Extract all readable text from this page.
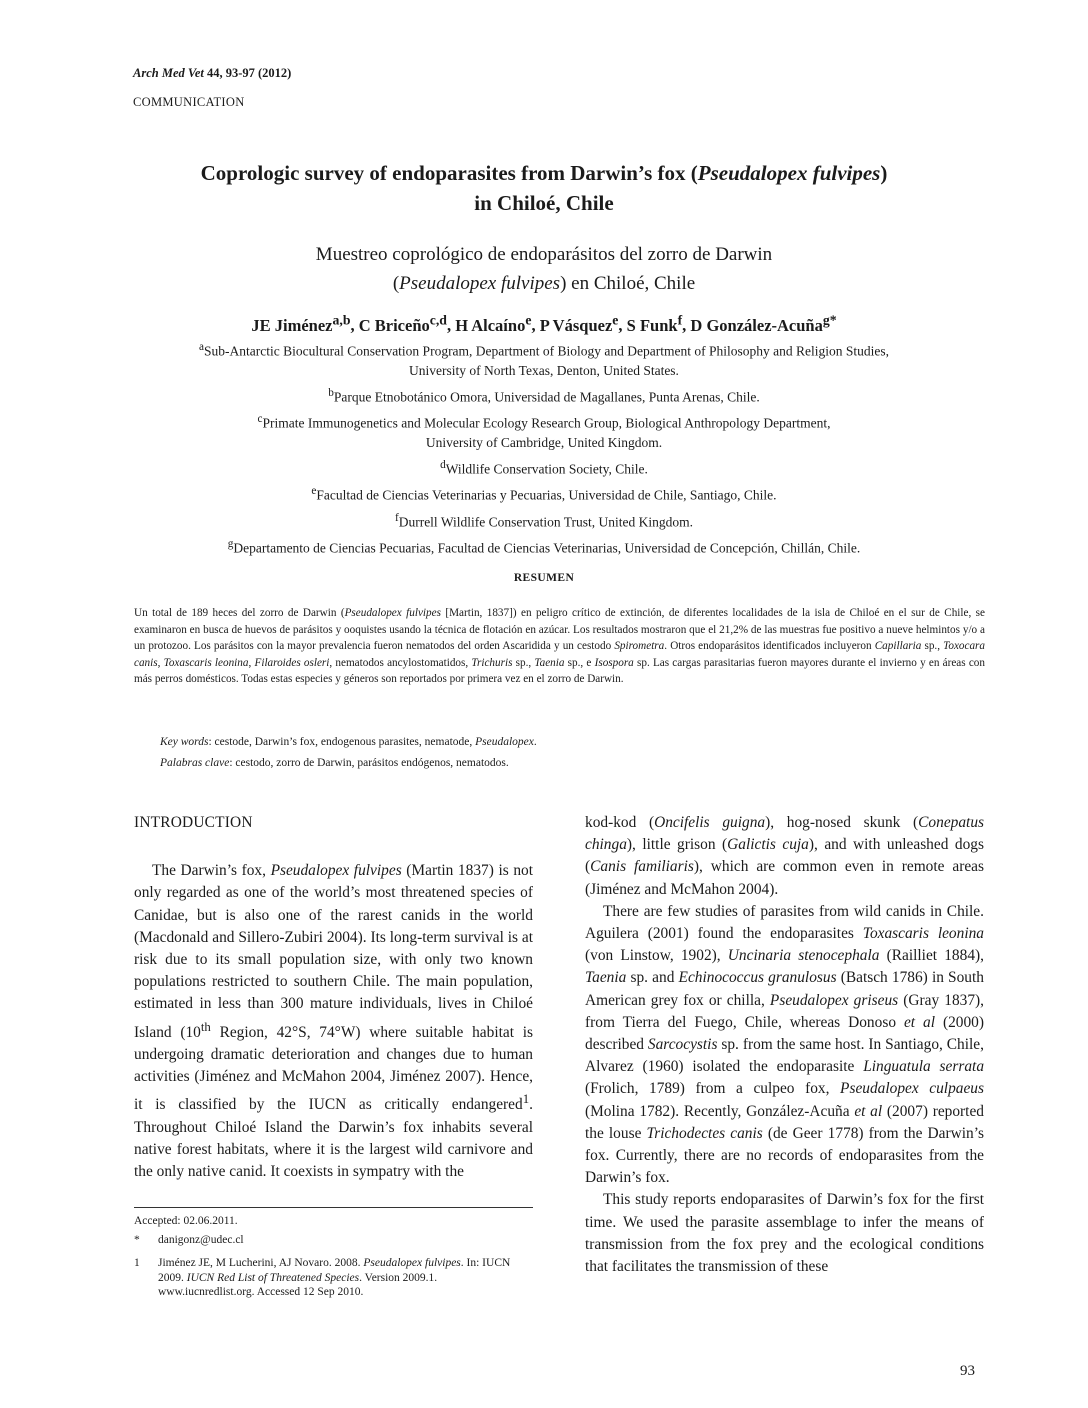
Arch Med Vet 44, 93-97 (2012)
COMMUNICATION
Coprologic survey of endoparasites from Darwin’s fox (Pseudalopex fulvipes)
in Chiloé, Chile
Muestreo coprológico de endoparásitos del zorro de Darwin
(Pseudalopex fulvipes) en Chiloé, Chile
JE Jiménez$^{a,b}$, C Briceño$^{c,d}$, H Alcaíno$^e$, P Vásquez$^e$, S Funk$^f$, D González-Acuña$^{g*}$
$^a$Sub-Antarctic Biocultural Conservation Program, Department of Biology and Department of Philosophy and Religion Studies,
University of North Texas, Denton, United States.
$^b$Parque Etnobotánico Omora, Universidad de Magallanes, Punta Arenas, Chile.
$^c$Primate Immunogenetics and Molecular Ecology Research Group, Biological Anthropology Department,
University of Cambridge, United Kingdom.
$^d$Wildlife Conservation Society, Chile.
$^e$Facultad de Ciencias Veterinarias y Pecuarias, Universidad de Chile, Santiago, Chile.
$^f$Durrell Wildlife Conservation Trust, United Kingdom.
$^g$Departamento de Ciencias Pecuarias, Facultad de Ciencias Veterinarias, Universidad de Concepción, Chillán, Chile.
RESUMEN
Un total de 189 heces del zorro de Darwin (Pseudalopex fulvipes [Martin, 1837]) en peligro crítico de extinción, de diferentes localidades de la isla de Chiloé en el sur de Chile, se examinaron en busca de huevos de parásitos y ooquistes usando la técnica de flotación en azúcar. Los resultados mostraron que el 21,2% de las muestras fue positivo a nueve helmintos y/o a un protozoo. Los parásitos con la mayor prevalencia fueron nematodos del orden Ascaridida y un cestodo Spirometra. Otros endoparásitos identificados incluyeron Capillaria sp., Toxocara canis, Toxascaris leonina, Filaroides osleri, nematodos ancylostomatidos, Trichuris sp., Taenia sp., e Isospora sp. Las cargas parasitarias fueron mayores durante el invierno y en áreas con más perros domésticos. Todas estas especies y géneros son reportados por primera vez en el zorro de Darwin.
Key words: cestode, Darwin’s fox, endogenous parasites, nematode, Pseudalopex.
Palabras clave: cestodo, zorro de Darwin, parásitos endógenos, nematodos.
INTRODUCTION

The Darwin’s fox, Pseudalopex fulvipes (Martin 1837) is not only regarded as one of the world’s most threatened species of Canidae, but is also one of the rarest canids in the world (Macdonald and Sillero-Zubiri 2004). Its long-term survival is at risk due to its small population size, with only two known populations restricted to southern Chile. The main population, estimated in less than 300 mature individuals, lives in Chiloé Island (10th Region, 42°S, 74°W) where suitable habitat is undergoing dramatic deterioration and changes due to human activities (Jiménez and McMahon 2004, Jiménez 2007). Hence, it is classified by the IUCN as critically endangered$^1$. Throughout Chiloé Island the Darwin’s fox inhabits several native forest habitats, where it is the largest wild carnivore and the only native canid. It coexists in sympatry with the

kod-kod (Oncifelis guigna), hog-nosed skunk (Conepatus chinga), little grison (Galictis cuja), and with unleashed dogs (Canis familiaris), which are common even in remote areas (Jiménez and McMahon 2004).

There are few studies of parasites from wild canids in Chile. Aguilera (2001) found the endoparasites Toxascaris leonina (von Linstow, 1902), Uncinaria stenocephala (Railliet 1884), Taenia sp. and Echinococcus granulosus (Batsch 1786) in South American grey fox or chilla, Pseudalopex griseus (Gray 1837), from Tierra del Fuego, Chile, whereas Donoso et al (2000) described Sarcocystis sp. from the same host. In Santiago, Chile, Alvarez (1960) isolated the endoparasite Linguatula serrata (Frolich, 1789) from a culpeo fox, Pseudalopex culpaeus (Molina 1782). Recently, González-Acuña et al (2007) reported the louse Trichodectes canis (de Geer 1778) from the Darwin’s fox. Currently, there are no records of endoparasites from the Darwin’s fox.

This study reports endoparasites of Darwin’s fox for the first time. We used the parasite assemblage to infer the means of transmission from the fox prey and the ecological conditions that facilitates the transmission of these

Accepted: 02.06.2011.
*	danigonz@udec.cl
1	Jiménez JE, M Lucherini, AJ Novaro. 2008. Pseudalopex fulvipes. In: IUCN 2009. IUCN Red List of Threatened Species. Version 2009.1. www.iucnredlist.org. Accessed 12 Sep 2010.
93
